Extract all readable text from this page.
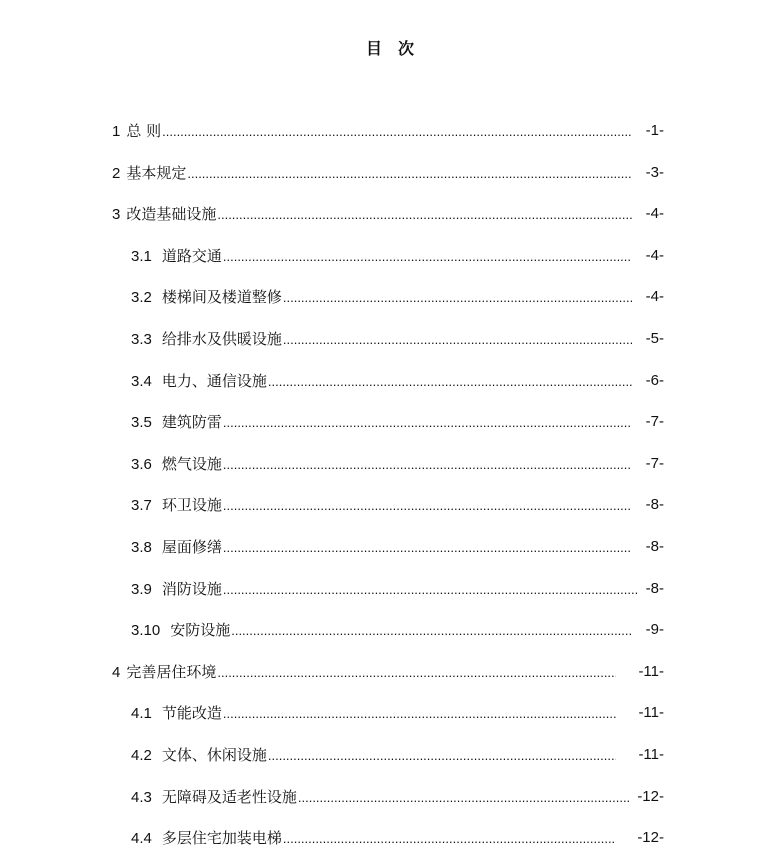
目　次
1 总 则 .....	-1-
2 基本规定 .....	-3-
3 改造基础设施 .....	-4-
3.1 道路交通 .....	-4-
3.2 楼梯间及楼道整修 .....	-4-
3.3 给排水及供暖设施 .....	-5-
3.4 电力、通信设施 .....	-6-
3.5 建筑防雷 .....	-7-
3.6 燃气设施 .....	-7-
3.7 环卫设施 .....	-8-
3.8 屋面修缮 .....	-8-
3.9 消防设施 .....	-8-
3.10 安防设施 .....	-9-
4 完善居住环境 .....	-11-
4.1 节能改造 .....	-11-
4.2 文体、休闲设施 .....	-11-
4.3 无障碍及适老性设施 .....	-12-
4.4 多层住宅加装电梯 .....	-12-
